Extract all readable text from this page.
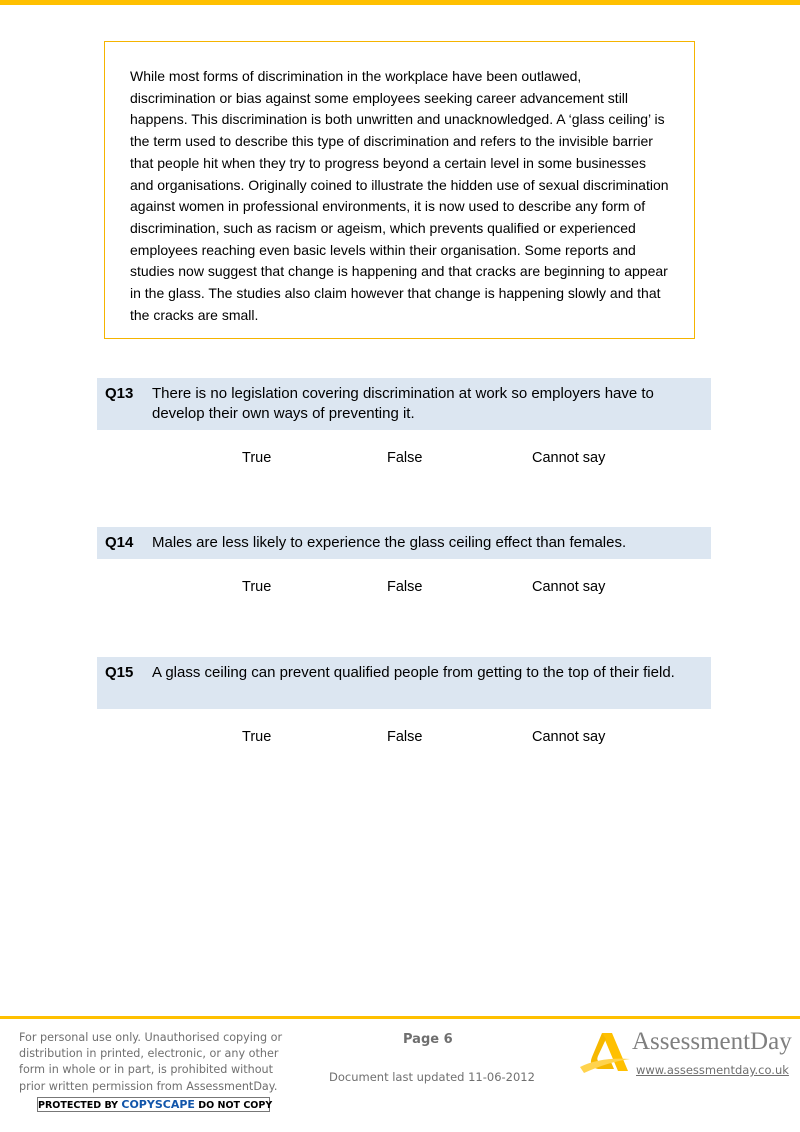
While most forms of discrimination in the workplace have been outlawed, discrimination or bias against some employees seeking career advancement still happens. This discrimination is both unwritten and unacknowledged. A ‘glass ceiling’ is the term used to describe this type of discrimination and refers to the invisible barrier that people hit when they try to progress beyond a certain level in some businesses and organisations. Originally coined to illustrate the hidden use of sexual discrimination against women in professional environments, it is now used to describe any form of discrimination, such as racism or ageism, which prevents qualified or experienced employees reaching even basic levels within their organisation. Some reports and studies now suggest that change is happening and that cracks are beginning to appear in the glass. The studies also claim however that change is happening slowly and that the cracks are small.

Q13	There is no legislation covering discrimination at work so employers have to develop their own ways of preventing it.
True	False	Cannot say
Q14	Males are less likely to experience the glass ceiling effect than females.
True	False	Cannot say
Q15	A glass ceiling can prevent qualified people from getting to the top of their field.
True	False	Cannot say

For personal use only. Unauthorised copying or distribution in printed, electronic, or any other form in whole or in part, is prohibited without prior written permission from AssessmentDay.

PROTECTED BY COPYSCAPE DO NOT COPY
Page 6
Document last updated 11-06-2012
AssessmentDay
www.assessmentday.co.uk
